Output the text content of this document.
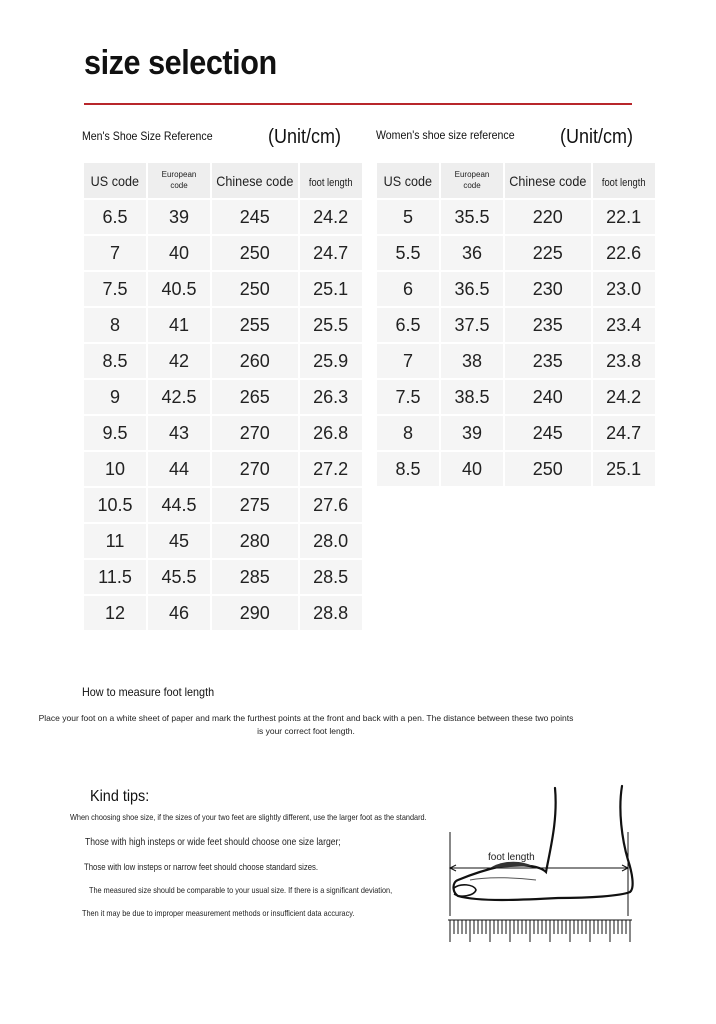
size selection
Men's Shoe Size Reference	(Unit/cm)
US code	European code	Chinese code	foot length
6.5	39	245	24.2
7	40	250	24.7
7.5	40.5	250	25.1
8	41	255	25.5
8.5	42	260	25.9
9	42.5	265	26.3
9.5	43	270	26.8
10	44	270	27.2
10.5	44.5	275	27.6
11	45	280	28.0
11.5	45.5	285	28.5
12	46	290	28.8
Women's shoe size reference (Unit/cm)
US code	European code	Chinese code	foot length
5	35.5	220	22.1
5.5	36	225	22.6
6	36.5	230	23.0
6.5	37.5	235	23.4
7	38	235	23.8
7.5	38.5	240	24.2
8	39	245	24.7
8.5	40	250	25.1
How to measure foot length
Place your foot on a white sheet of paper and mark the furthest points at the front and back with a pen. The distance between these two points is your correct foot length.
Kind tips:
When choosing shoe size, if the sizes of your two feet are slightly different, use the larger foot as the standard.
Those with high insteps or wide feet should choose one size larger;
Those with low insteps or narrow feet should choose standard sizes.
The measured size should be comparable to your usual size. If there is a significant deviation,
Then it may be due to improper measurement methods or insufficient data accuracy.
foot length
